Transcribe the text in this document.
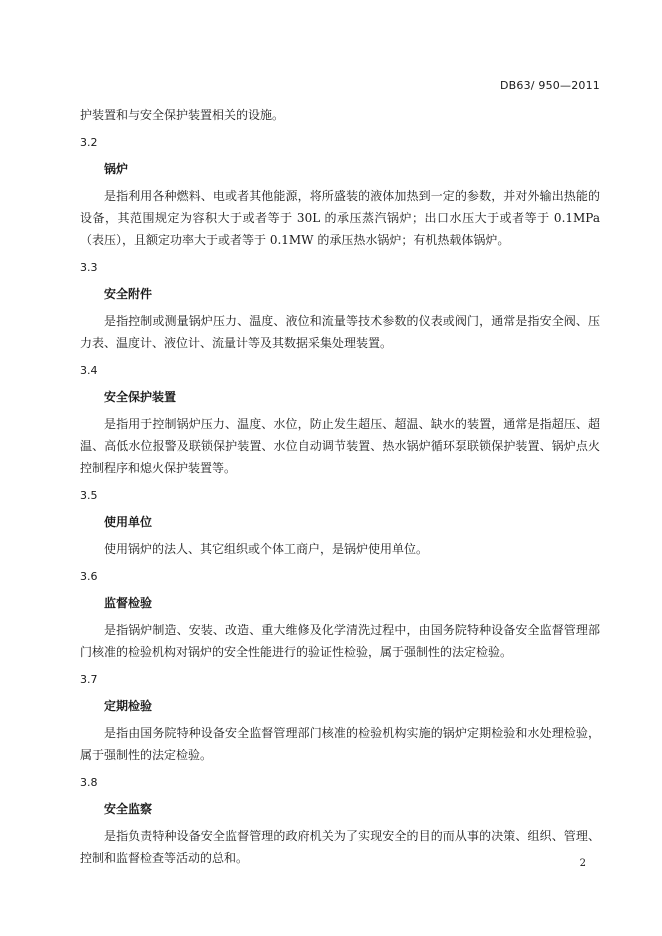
DB63/ 950—2011

护装置和与安全保护装置相关的设施。

3.2
锅炉

是指利用各种燃料、电或者其他能源，将所盛装的液体加热到一定的参数，并对外输出热能的设备，其范围规定为容积大于或者等于 30L 的承压蒸汽锅炉；出口水压大于或者等于 0.1MPa（表压），且额定功率大于或者等于 0.1MW 的承压热水锅炉；有机热载体锅炉。

3.3
安全附件

是指控制或测量锅炉压力、温度、液位和流量等技术参数的仪表或阀门，通常是指安全阀、压力表、温度计、液位计、流量计等及其数据采集处理装置。

3.4
安全保护装置

是指用于控制锅炉压力、温度、水位，防止发生超压、超温、缺水的装置，通常是指超压、超温、高低水位报警及联锁保护装置、水位自动调节装置、热水锅炉循环泵联锁保护装置、锅炉点火控制程序和熄火保护装置等。

3.5
使用单位

使用锅炉的法人、其它组织或个体工商户，是锅炉使用单位。

3.6
监督检验

是指锅炉制造、安装、改造、重大维修及化学清洗过程中，由国务院特种设备安全监督管理部门核准的检验机构对锅炉的安全性能进行的验证性检验，属于强制性的法定检验。

3.7
定期检验

是指由国务院特种设备安全监督管理部门核准的检验机构实施的锅炉定期检验和水处理检验，属于强制性的法定检验。

3.8
安全监察

是指负责特种设备安全监督管理的政府机关为了实现安全的目的而从事的决策、组织、管理、控制和监督检查等活动的总和。	2
